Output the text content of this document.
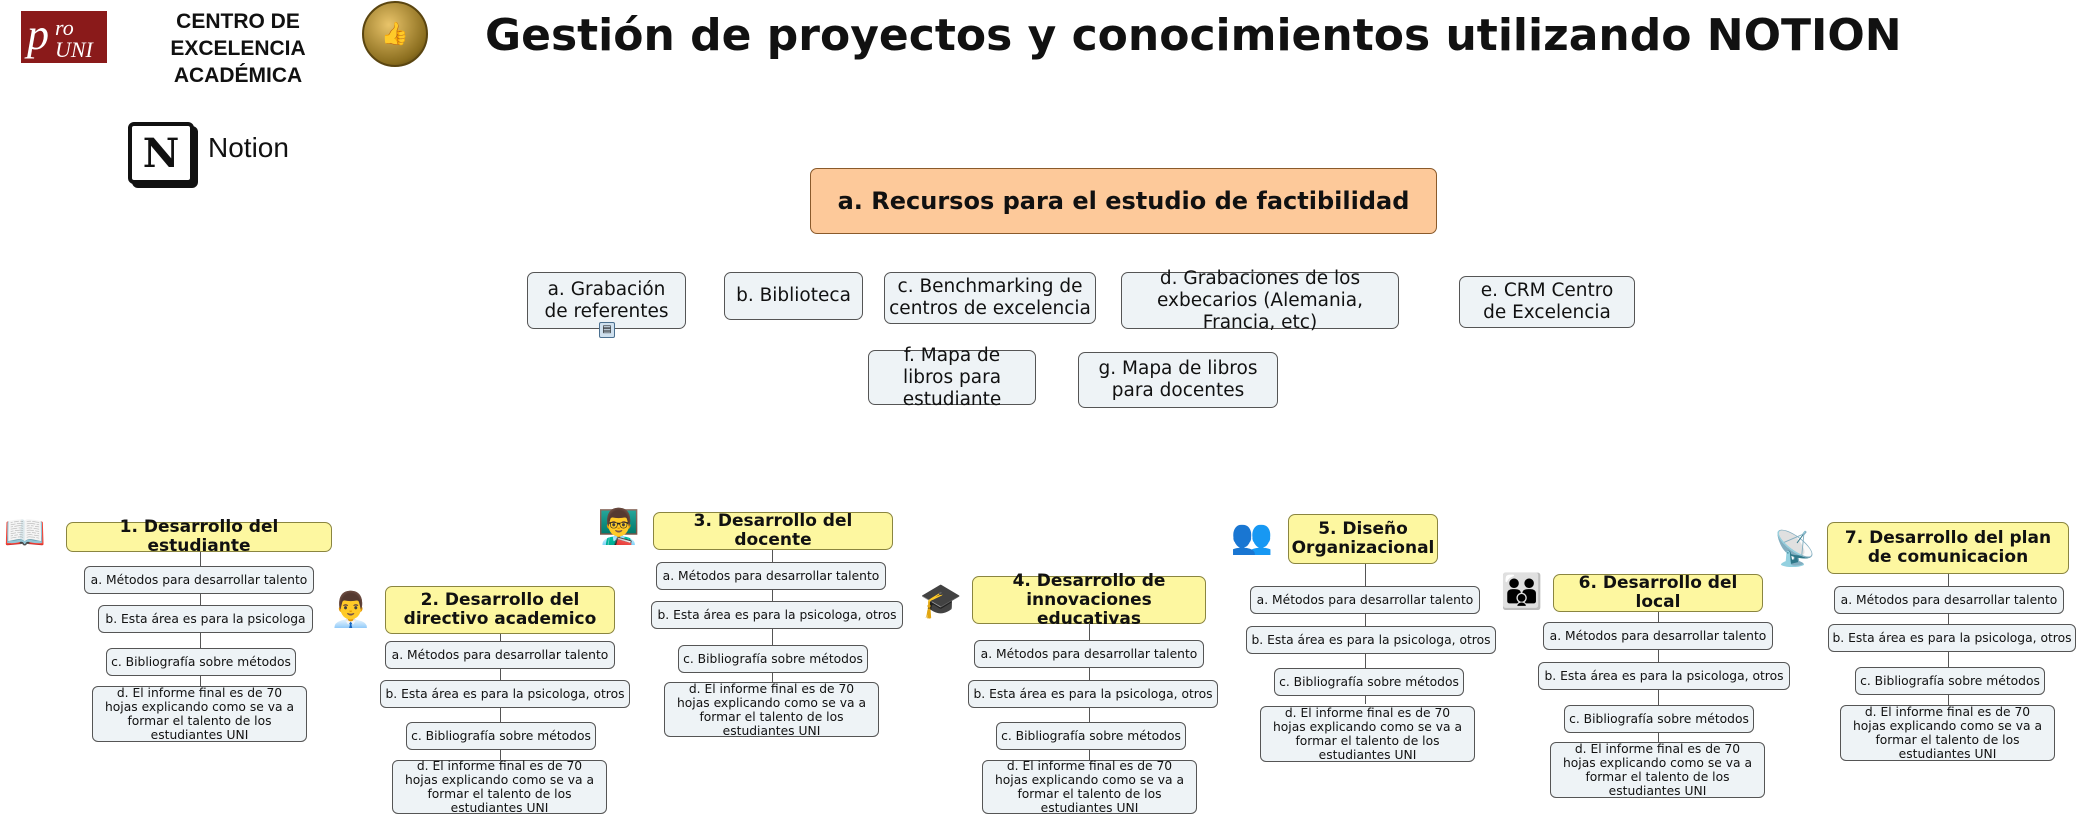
p ro
UNI
CENTRO DE
EXCELENCIA ACADÉMICA
👍	Gestión de proyectos y conocimientos utilizando NOTION
N	Notion
a. Recursos para el estudio de factibilidad
a. Grabación de referentes
▤
b. Biblioteca	c. Benchmarking de centros de excelencia
d. Grabaciones de los exbecarios (Alemania, Francia, etc)
e. CRM Centro de Excelencia
f. Mapa de libros para estudiante
g. Mapa de libros para docentes
📖	1. Desarrollo del estudiante
a. Métodos para desarrollar talento
b. Esta área es para la psicologa
c. Bibliografía sobre métodos
d. El informe final es de 70 hojas explicando como se va a formar el talento de los estudiantes UNI
👨‍💼	2. Desarrollo del directivo academico
a. Métodos para desarrollar talento
b. Esta área es para la psicologa, otros
c. Bibliografía sobre métodos
d. El informe final es de 70 hojas explicando como se va a formar el talento de los estudiantes UNI
👨‍🏫	3. Desarrollo del docente
a. Métodos para desarrollar talento
b. Esta área es para la psicologa, otros
c. Bibliografía sobre métodos
d. El informe final es de 70 hojas explicando como se va a formar el talento de los estudiantes UNI
🎓
4. Desarrollo de innovaciones educativas
a. Métodos para desarrollar talento
b. Esta área es para la psicologa, otros
c. Bibliografía sobre métodos
d. El informe final es de 70 hojas explicando como se va a formar el talento de los estudiantes UNI
👥	5. Diseño Organizacional
a. Métodos para desarrollar talento
b. Esta área es para la psicologa, otros
c. Bibliografía sobre métodos
d. El informe final es de 70 hojas explicando como se va a formar el talento de los estudiantes UNI
👪	6. Desarrollo del local
a. Métodos para desarrollar talento
b. Esta área es para la psicologa, otros
c. Bibliografía sobre métodos
d. El informe final es de 70 hojas explicando como se va a formar el talento de los estudiantes UNI
📡	7. Desarrollo del plan de comunicacion
a. Métodos para desarrollar talento
b. Esta área es para la psicologa, otros
c. Bibliografía sobre métodos
d. El informe final es de 70 hojas explicando como se va a formar el talento de los estudiantes UNI
